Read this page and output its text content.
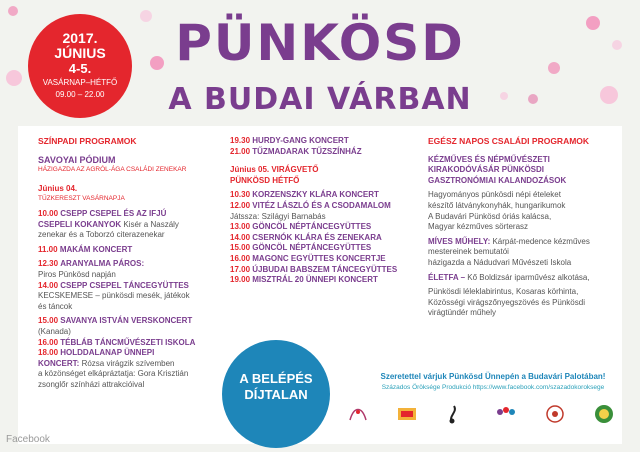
2017.
JÚNIUS
4-5.
VASÁRNAP–HÉTFŐ
09.00 – 22.00
PÜNKÖSD
A BUDAI VÁRBAN
SZÍNPADI PROGRAMOK
SAVOYAI PÓDIUM
HÁZIGAZDA AZ AGRÓL-ÁGA CSALÁDI ZENEKAR
Június 04.
TŰZKERESZT VASÁRNAPJA
10.00 CSEPP CSEPEL ÉS AZ IFJÚ
CSEPELI KOKANYOK Kisér a Naszály
zenekar és a Toborzó citerazenekar
11.00 MAKÁM KONCERT
12.30 ARANYALMA PÁROS:
Piros Pünkösd napján
14.00 CSEPP CSEPEL TÁNCEGYÜTTES
KECSKEMESE – pünkösdi mesék, játékok
és táncok
15.00 SAVANYA ISTVÁN VERSKONCERT
(Kanada)
16.00 TÉBLÁB TÁNCMŰVÉSZETI ISKOLA
18.00 HOLDDALANAP ÜNNEPI
KONCERT: Rózsa virágzik szívemben
a közönséget elkápráztatja: Gora Krisztián
zsonglőr színházi attrakcióival
19.30 HURDY-GANG KONCERT
21.00 TŰZMADARAK TŰZSZÍNHÁZ
Június 05. VIRÁGVETŐ
PÜNKÖSD HÉTFŐ
10.30 KORZENSZKY KLÁRA KONCERT
12.00 VITÉZ LÁSZLÓ ÉS A CSODAMALOM
Játssza: Szilágyi Barnabás
13.00 GÖNCÖL NÉPTÁNCEGYÜTTES
14.00 CSERNÓK KLÁRA ÉS ZENEKARA
15.00 GÖNCÖL NÉPTÁNCEGYÜTTES
16.00 MAGONC EGYÜTTES KONCERTJE
17.00 ÚJBUDAI BABSZEM TÁNCEGYÜTTES
19.00 MISZTRÁL 20 ÜNNEPI KONCERT
EGÉSZ NAPOS CSALÁDI PROGRAMOK
KÉZMŰVES ÉS NÉPMŰVÉSZETI
KIRAKODÓVÁSÁR PÜNKÖSDI
GASZTRONÓMIAI KALANDOZÁSOK
Hagyományos pünkösdi népi ételeket
készítő látványkonyhák, hungarikumok
A Budavári Pünkösd óriás kalácsa,
Magyar kézműves sörterasz
MÍVES MŰHELY: Kárpát-medence kézműves
mestereinek bemutatói
házigazda a Nádudvari Művészeti Iskola
ÉLETFA – Kő Boldizsár iparművész alkotása,
Pünkösdi léleklabirintus, Kosaras körhinta,
Közösségi virágszőnyegszövés és Pünkösdi
virágtündér műhely
Szeretettel várjuk Pünkösd Ünnepén a Budavári Palotában!
Százados Öröksége Produkció https://www.facebook.com/szazadokoroksege
A BELÉPÉS
DÍJTALAN
Facebook
